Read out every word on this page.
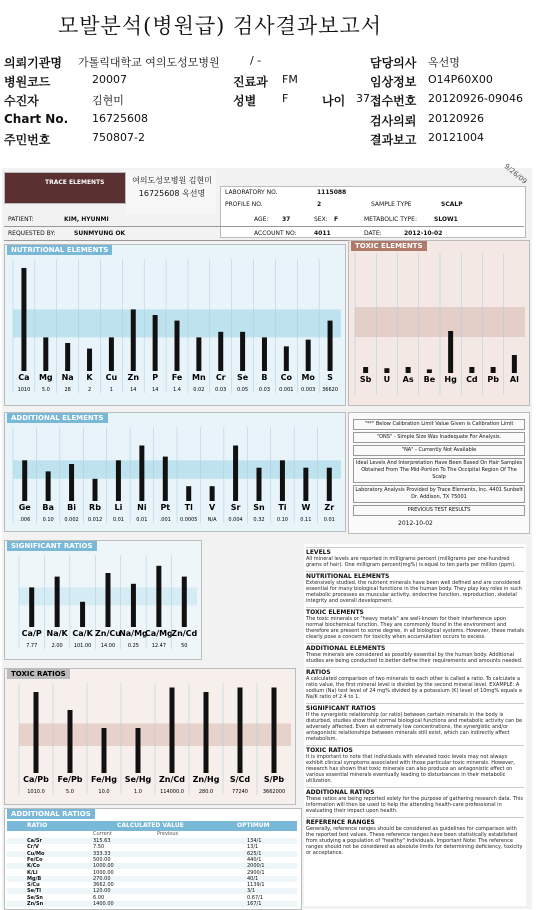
모발분석(병원급) 검사결과보고서
의뢰기관명 가톨릭대학교 여의도성모병원	/ -	담당의사 옥선명
병원코드	20007	진료과 FM	임상정보 O14P60X00
수진자	김현미	성별 F	나이 37 접수번호 20120926-09046
Chart No. 16725608	검사의뢰 20120926
주민번호	750807-2	결과보고 20121004
TRACE ELEMENTS	여의도성모병원 김현미 16725608 옥선명
9/26/09
LABORATORY NO.	1115088
PROFILE NO.	2	SAMPLE TYPE	SCALP
PATIENT:	KIM, HYUNMI	AGE: 37	SEX: F	METABOLIC TYPE:	SLOW1
REQUESTED BY:	SUNMYUNG OK	ACCOUNT NO:	4011	DATE:	2012-10-02
NUTRITIONAL ELEMENTS
Ca
1010
Mg
5.0
Na
28
K
2
Cu
1
Zn
14
P
14
Fe
1.4
Mn
0.02
Cr
0.03
Se
0.05
B
0.03
Co
0.001
Mo
0.003
S
36620
TOXIC ELEMENTS
Sb U As Be Hg Cd Pb Al
ADDITIONAL ELEMENTS
Ge
.006
Ba
0.10
Bi
0.002
Rb
0.012
Li
0.01
Ni
0.01
Pt
.001
Tl
0.0005
V
N/A
Sr
0.004
Sn
0.32
Ti
0.10
W
0.11
Zr
0.01
"**" Below Calibration Limit Value Given is Calibration Limit
"ONS" - Simple Size Was Inadequate For Analysis.
"NA" - Currently Not Available
Ideal Levels And Interpretation Have Been Based On Hair Samples Obtained From The Mid-Portion To The Occipital Region Of The Scalp
Laboratory Analysis Provided by Trace Elements, Inc. 4401 Sunbelt Dr. Addison, TX 75001
PREVIOUS TEST RESULTS
2012-10-02
SIGNIFICANT RATIOS
Ca/P
7.77
Na/K
2.00
Ca/K
101.00
Zn/Cu
14.00
Na/Mg
0.25
Ca/Mg
12.47
Zn/Cd
50
TOXIC RATIOS
Ca/Pb
1010.0
Fe/Pb
5.0
Fe/Hg
10.0
Se/Hg
1.0
Zn/Cd
114000.0
Zn/Hg
280.0
S/Cd
77240
S/Pb
3662000
ADDITIONAL RATIOS
RATIO	CALCULATED VALUE	OPTIMUM
Current	Previous
Ca/Sr	315.63	134/1
Cr/V	7.50	13/1
Cu/Mo	333.33	625/1
Fe/Co	500.00	440/1
K/Co	1000.00	2000/1
K/Li	1000.00	2900/1
Mg/B	270.00	40/1
S/Cu	3662.00	1139/1
Se/Tl	120.00	3/1
Se/Sn	6.00	0.67/1
Zn/Sn	1400.00	167/1
LEVELS
All mineral levels are reported in milligrams percent (milligrams per one-hundred grams of hair). One milligram percent(mg%) is equal to ten parts per million (ppm).
NUTRITIONAL ELEMENTS
Extensively studied, the nutrient minerals have been well defined and are considered essential for many biological functions in the human body. They play key roles in such metabolic processes as muscular activity, endocrine function, reproduction, skeletal integrity and overall development.
TOXIC ELEMENTS
The toxic minerals or "heavy metals" are well-known for their interference upon normal biochemical function. They are commonly found in the environment and therefore are present to some degree, in all biological systems. However, these metals clearly pose a concern for toxicity when accumulation occurs to excess.
ADDITIONAL ELEMENTS
These minerals are considered as possibly essential by the human body. Additional studies are being conducted to better define their requirements and amounts needed.
RATIOS
A calculated comparison of two minerals to each other is called a ratio. To calculate a ratio value, the first mineral level is divided by the second mineral level. EXAMPLE: A sodium (Na) test level of 24 mg% divided by a potassium (K) level of 10mg% equals a Na/K ratio of 2.4 to 1.
SIGNIFICANT RATIOS
If the synergistic relationship (or ratio) between certain minerals in the body is disturbed, studies show that normal biological functions and metabolic activity can be adversely affected. Even at extremely low concentrations, the synergistic and/or antagonistic relationships between minerals still exist, which can indirectly affect metabolism.
TOXIC RATIOS
It is important to note that individuals with elevated toxic levels may not always exhibit clinical symptoms associated with those particular toxic minerals. However, research has shown that toxic minerals can also produce an antagonistic effect on various essential minerals eventually leading to disturbances in their metabolic utilization.
ADDITIONAL RATIOS
These ratios are being reported solely for the purpose of gathering research data. This information will then be used to help the attending health-care professional in evaluating their impact upon health.
REFERENCE RANGES
Generally, reference ranges should be considered as guidelines for comparison with the reported test values. These reference ranges have been statistically established from studying a population of "healthy" individuals. Important Note: The reference ranges should not be considered as absolute limits for determining deficiency, toxicity or acceptance.
